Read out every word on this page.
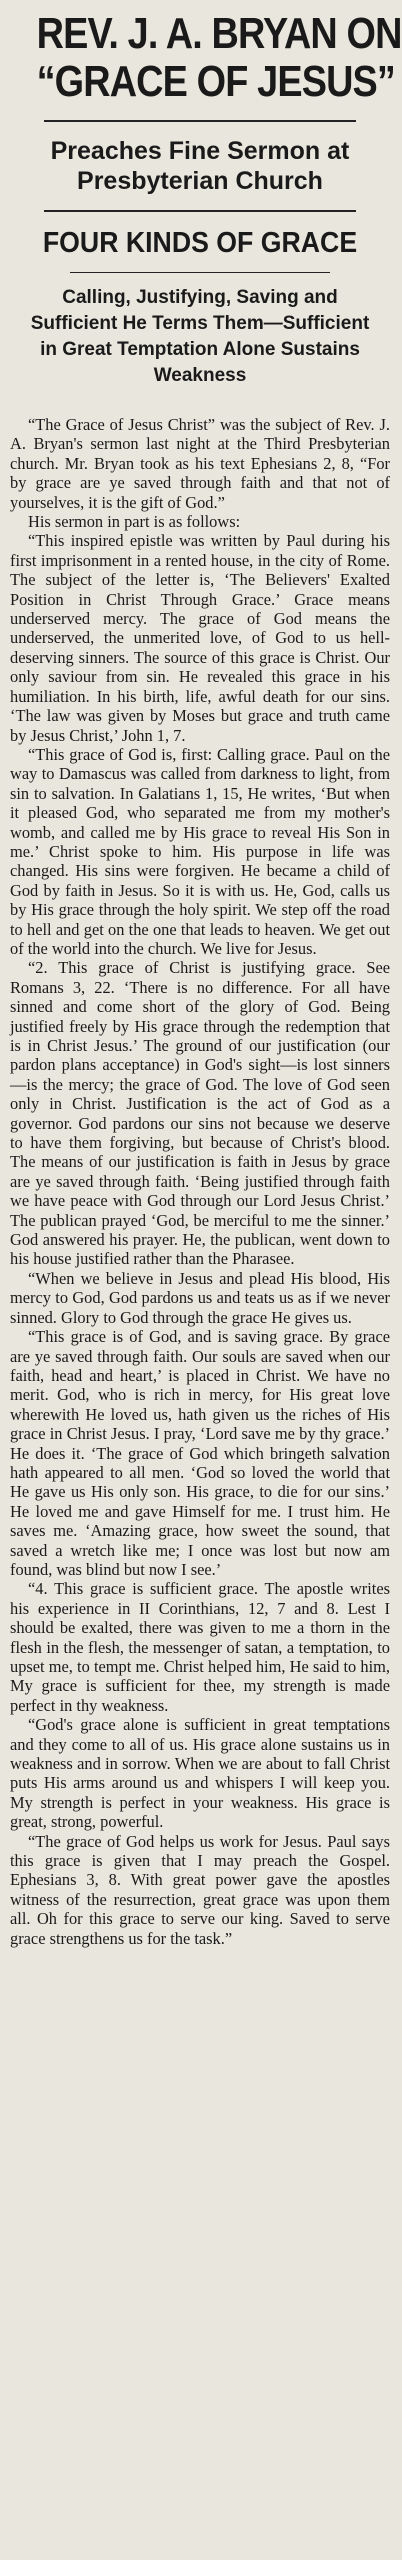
REV. J. A. BRYAN ON
“GRACE OF JESUS”
Preaches Fine Sermon at
Presbyterian Church
FOUR KINDS OF GRACE
Calling, Justifying, Saving and Sufficient He Terms Them—Sufficient in Great Temptation Alone Sustains Weakness

“The Grace of Jesus Christ” was the subject of Rev. J. A. Bryan's sermon last night at the Third Presbyterian church. Mr. Bryan took as his text Ephesians 2, 8, “For by grace are ye saved through faith and that not of yourselves, it is the gift of God.”

His sermon in part is as follows:

“This inspired epistle was written by Paul during his first imprisonment in a rented house, in the city of Rome. The subject of the letter is, ‘The Believers' Exalted Position in Christ Through Grace.’ Grace means underserved mercy. The grace of God means the underserved, the unmerited love, of God to us hell-deserving sinners. The source of this grace is Christ. Our only saviour from sin. He revealed this grace in his humiliation. In his birth, life, awful death for our sins. ‘The law was given by Moses but grace and truth came by Jesus Christ,’ John 1, 7.

“This grace of God is, first: Calling grace. Paul on the way to Damascus was called from darkness to light, from sin to salvation. In Galatians 1, 15, He writes, ‘But when it pleased God, who separated me from my mother's womb, and called me by His grace to reveal His Son in me.’ Christ spoke to him. His purpose in life was changed. His sins were forgiven. He became a child of God by faith in Jesus. So it is with us. He, God, calls us by His grace through the holy spirit. We step off the road to hell and get on the one that leads to heaven. We get out of the world into the church. We live for Jesus.

“2. This grace of Christ is justifying grace. See Romans 3, 22. ‘There is no difference. For all have sinned and come short of the glory of God. Being justified freely by His grace through the redemption that is in Christ Jesus.’ The ground of our justification (our pardon plans acceptance) in God's sight—is lost sinners—is the mercy; the grace of God. The love of God seen only in Christ. Justification is the act of God as a governor. God pardons our sins not because we deserve to have them forgiving, but because of Christ's blood. The means of our justification is faith in Jesus by grace are ye saved through faith. ‘Being justified through faith we have peace with God through our Lord Jesus Christ.’ The publican prayed ‘God, be merciful to me the sinner.’ God answered his prayer. He, the publican, went down to his house justified rather than the Pharasee.

“When we believe in Jesus and plead His blood, His mercy to God, God pardons us and teats us as if we never sinned. Glory to God through the grace He gives us.

“This grace is of God, and is saving grace. By grace are ye saved through faith. Our souls are saved when our faith, head and heart,’ is placed in Christ. We have no merit. God, who is rich in mercy, for His great love wherewith He loved us, hath given us the riches of His grace in Christ Jesus. I pray, ‘Lord save me by thy grace.’ He does it. ‘The grace of God which bringeth salvation hath appeared to all men. ‘God so loved the world that He gave us His only son. His grace, to die for our sins.’ He loved me and gave Himself for me. I trust him. He saves me. ‘Amazing grace, how sweet the sound, that saved a wretch like me; I once was lost but now am found, was blind but now I see.’

“4. This grace is sufficient grace. The apostle writes his experience in II Corinthians, 12, 7 and 8. Lest I should be exalted, there was given to me a thorn in the flesh in the flesh, the messenger of satan, a temptation, to upset me, to tempt me. Christ helped him, He said to him, My grace is sufficient for thee, my strength is made perfect in thy weakness.

“God's grace alone is sufficient in great temptations and they come to all of us. His grace alone sustains us in weakness and in sorrow. When we are about to fall Christ puts His arms around us and whispers I will keep you. My strength is perfect in your weakness. His grace is great, strong, powerful.

“The grace of God helps us work for Jesus. Paul says this grace is given that I may preach the Gospel. Ephesians 3, 8. With great power gave the apostles witness of the resurrection, great grace was upon them all. Oh for this grace to serve our king. Saved to serve grace strengthens us for the task.”
